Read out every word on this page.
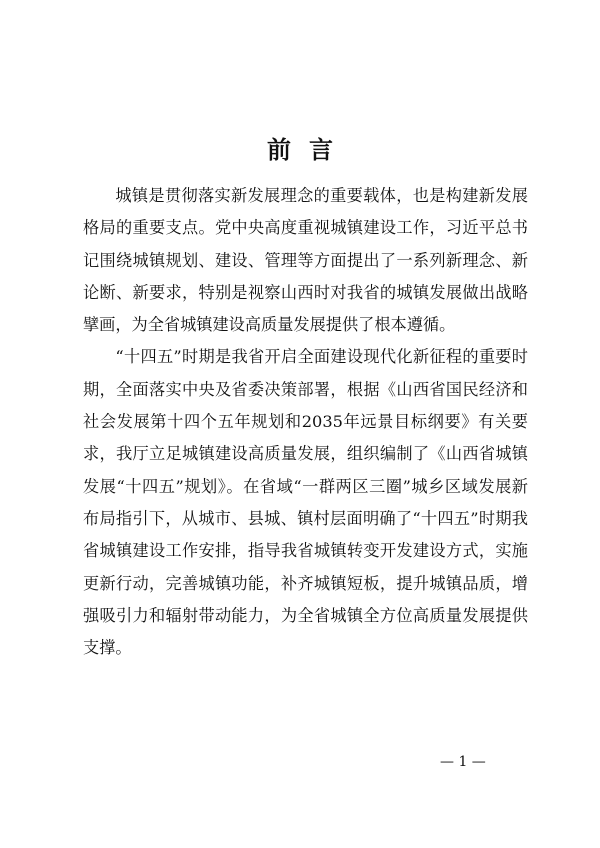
前言

城镇是贯彻落实新发展理念的重要载体，也是构建新发展格局的重要支点。党中央高度重视城镇建设工作，习近平总书记围绕城镇规划、建设、管理等方面提出了一系列新理念、新论断、新要求，特别是视察山西时对我省的城镇发展做出战略擘画，为全省城镇建设高质量发展提供了根本遵循。

“十四五”时期是我省开启全面建设现代化新征程的重要时期，全面落实中央及省委决策部署，根据《山西省国民经济和社会发展第十四个五年规划和2035年远景目标纲要》有关要求，我厅立足城镇建设高质量发展，组织编制了《山西省城镇发展“十四五”规划》。在省域“一群两区三圈”城乡区域发展新布局指引下，从城市、县城、镇村层面明确了“十四五”时期我省城镇建设工作安排，指导我省城镇转变开发建设方式，实施更新行动，完善城镇功能，补齐城镇短板，提升城镇品质，增强吸引力和辐射带动能力，为全省城镇全方位高质量发展提供支撑。

— 1 —
